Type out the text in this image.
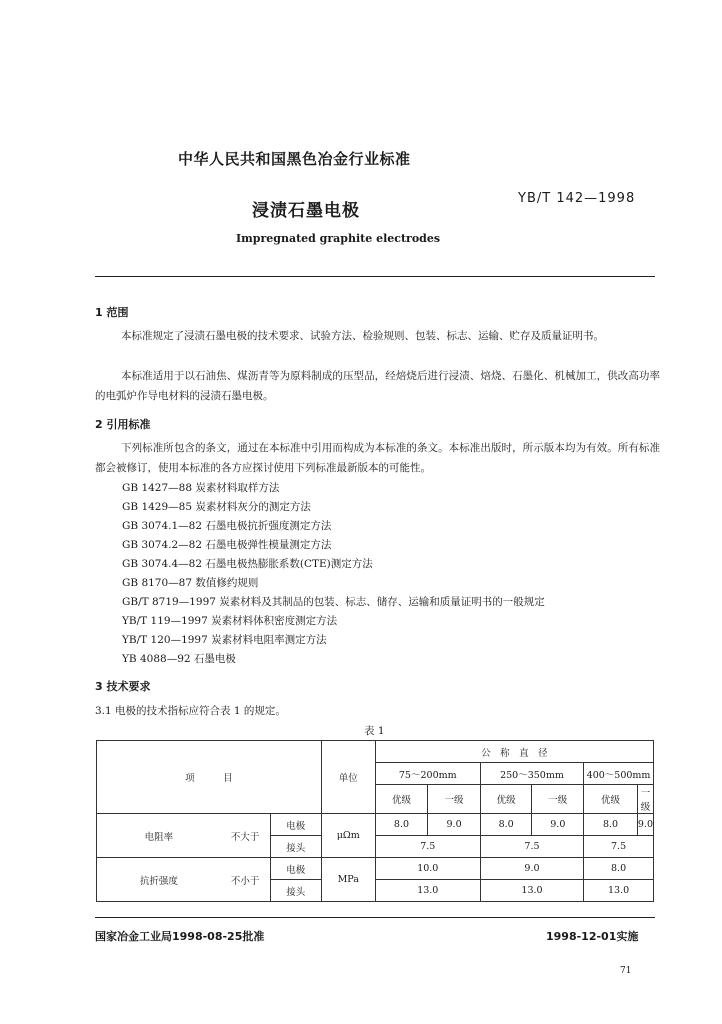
中华人民共和国黑色冶金行业标准
浸渍石墨电极
YB/T 142—1998
Impregnated graphite electrodes
1 范围
本标准规定了浸渍石墨电极的技术要求、试验方法、检验规则、包装、标志、运输、贮存及质量证明书。
本标准适用于以石油焦、煤沥青等为原料制成的压型品，经焙烧后进行浸渍、焙烧、石墨化、机械加工，供改高功率的电弧炉作导电材料的浸渍石墨电极。
2 引用标准
下列标准所包含的条文，通过在本标准中引用而构成为本标准的条文。本标准出版时，所示版本均为有效。所有标准都会被修订，使用本标准的各方应探讨使用下列标准最新版本的可能性。
GB 1427—88 炭素材料取样方法
GB 1429—85 炭素材料灰分的测定方法
GB 3074.1—82 石墨电极抗折强度测定方法
GB 3074.2—82 石墨电极弹性模量测定方法
GB 3074.4—82 石墨电极热膨胀系数(CTE)测定方法
GB 8170—87 数值修约规则
GB/T 8719—1997 炭素材料及其制品的包装、标志、储存、运输和质量证明书的一般规定
YB/T 119—1997 炭素材料体积密度测定方法
YB/T 120—1997 炭素材料电阻率测定方法
YB 4088—92 石墨电极
3 技术要求
3.1 电极的技术指标应符合表 1 的规定。
表 1
项　　　目			单位	公　称　直　径					
				75～200mm		250～350mm		400～500mm	
				优级	一级	优级	一级	优级	一级
电阻率	不大于	电极	μΩm	8.0	9.0	8.0	9.0	8.0	9.0
		接头		7.5		7.5		7.5	
抗折强度	不小于	电极	MPa	10.0		9.0		8.0	
		接头		13.0		13.0		13.0	
国家冶金工业局1998-08-25批准	1998-12-01实施
71
